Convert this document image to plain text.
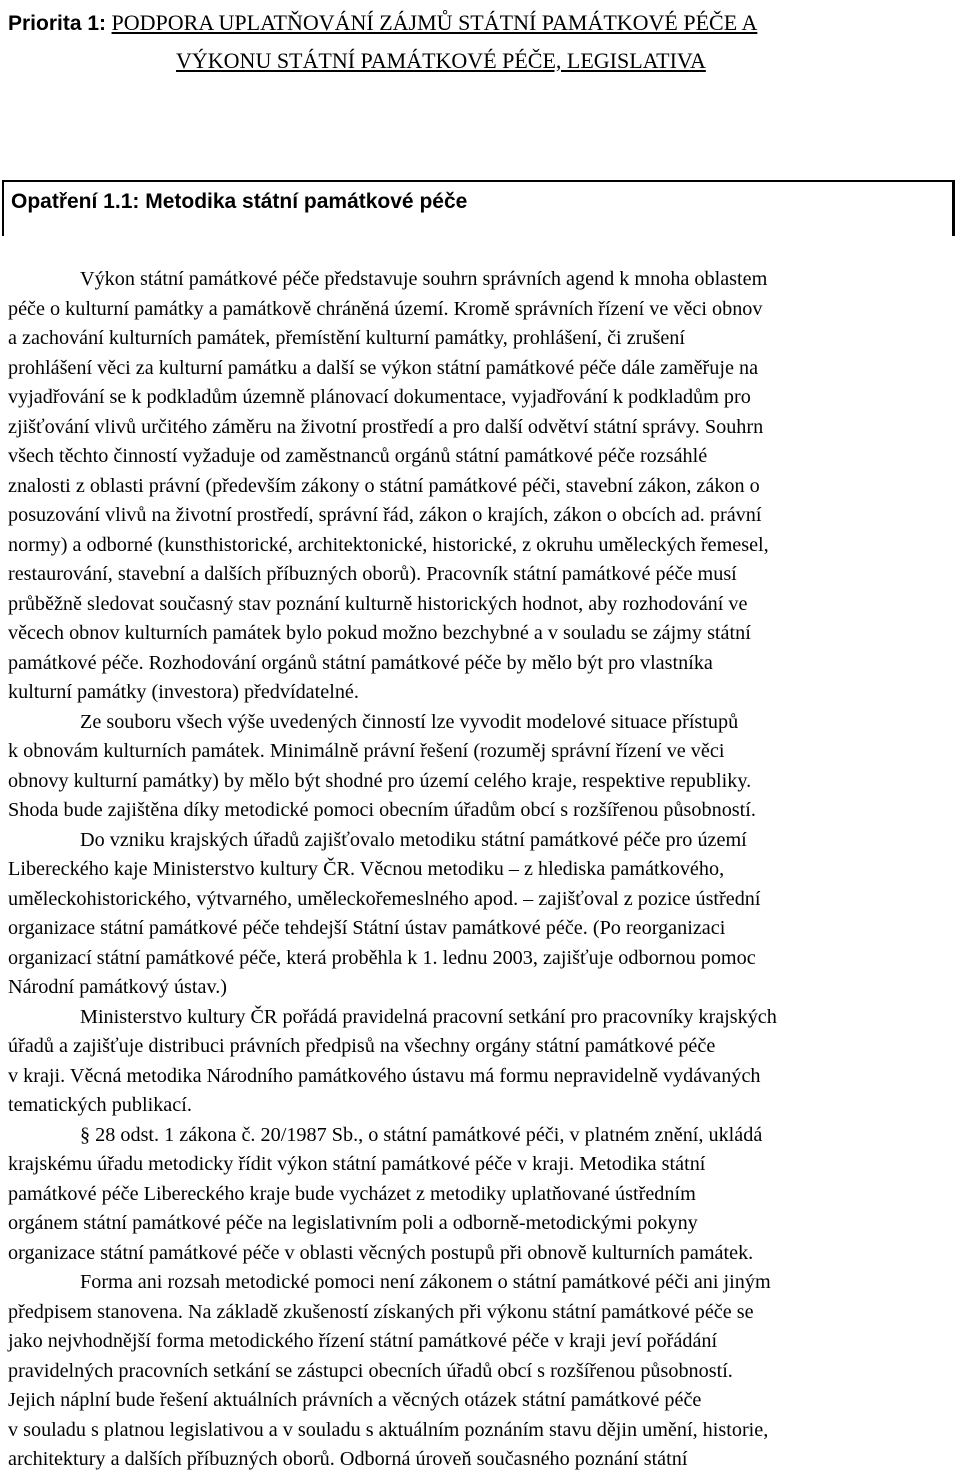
Priorita 1: PODPORA UPLATŇOVÁNÍ ZÁJMŮ STÁTNÍ PAMÁTKOVÉ PÉČE A
VÝKONU STÁTNÍ PAMÁTKOVÉ PÉČE, LEGISLATIVA
Opatření 1.1: Metodika státní památkové péče
Výkon státní památkové péče představuje souhrn správních agend k mnoha oblastem
péče o kulturní památky a památkově chráněná území. Kromě správních řízení ve věci obnov
a zachování kulturních památek, přemístění kulturní památky, prohlášení, či zrušení
prohlášení věci za kulturní památku a další se výkon státní památkové péče dále zaměřuje na
vyjadřování se k podkladům územně plánovací dokumentace, vyjadřování k podkladům pro
zjišťování vlivů určitého záměru na životní prostředí a pro další odvětví státní správy. Souhrn
všech těchto činností vyžaduje od zaměstnanců orgánů státní památkové péče rozsáhlé
znalosti z oblasti právní (především zákony o státní památkové péči, stavební zákon, zákon o
posuzování vlivů na životní prostředí, správní řád, zákon o krajích, zákon o obcích ad. právní
normy) a odborné (kunsthistorické, architektonické, historické, z okruhu uměleckých řemesel,
restaurování, stavební a dalších příbuzných oborů). Pracovník státní památkové péče musí
průběžně sledovat současný stav poznání kulturně historických hodnot, aby rozhodování ve
věcech obnov kulturních památek bylo pokud možno bezchybné a v souladu se zájmy státní
památkové péče. Rozhodování orgánů státní památkové péče by mělo být pro vlastníka
kulturní památky (investora) předvídatelné.
Ze souboru všech výše uvedených činností lze vyvodit modelové situace přístupů
k obnovám kulturních památek. Minimálně právní řešení (rozuměj správní řízení ve věci
obnovy kulturní památky) by mělo být shodné pro území celého kraje, respektive republiky.
Shoda bude zajištěna díky metodické pomoci obecním úřadům obcí s rozšířenou působností.
Do vzniku krajských úřadů zajišťovalo metodiku státní památkové péče pro území
Libereckého kaje Ministerstvo kultury ČR. Věcnou metodiku – z hlediska památkového,
uměleckohistorického, výtvarného, uměleckořemeslného apod. – zajišťoval z pozice ústřední
organizace státní památkové péče tehdejší Státní ústav památkové péče. (Po reorganizaci
organizací státní památkové péče, která proběhla k 1. lednu 2003, zajišťuje odbornou pomoc
Národní památkový ústav.)
Ministerstvo kultury ČR pořádá pravidelná pracovní setkání pro pracovníky krajských
úřadů a zajišťuje distribuci právních předpisů na všechny orgány státní památkové péče
v kraji. Věcná metodika Národního památkového ústavu má formu nepravidelně vydávaných
tematických publikací.
§ 28 odst. 1 zákona č. 20/1987 Sb., o státní památkové péči, v platném znění, ukládá
krajskému úřadu metodicky řídit výkon státní památkové péče v kraji. Metodika státní
památkové péče Libereckého kraje bude vycházet z metodiky uplatňované ústředním
orgánem státní památkové péče na legislativním poli a odborně-metodickými pokyny
organizace státní památkové péče v oblasti věcných postupů při obnově kulturních památek.
Forma ani rozsah metodické pomoci není zákonem o státní památkové péči ani jiným
předpisem stanovena. Na základě zkušeností získaných při výkonu státní památkové péče se
jako nejvhodnější forma metodického řízení státní památkové péče v kraji jeví pořádání
pravidelných pracovních setkání se zástupci obecních úřadů obcí s rozšířenou působností.
Jejich náplní bude řešení aktuálních právních a věcných otázek státní památkové péče
v souladu s platnou legislativou a v souladu s aktuálním poznáním stavu dějin umění, historie,
architektury a dalších příbuzných oborů. Odborná úroveň současného poznání státní
